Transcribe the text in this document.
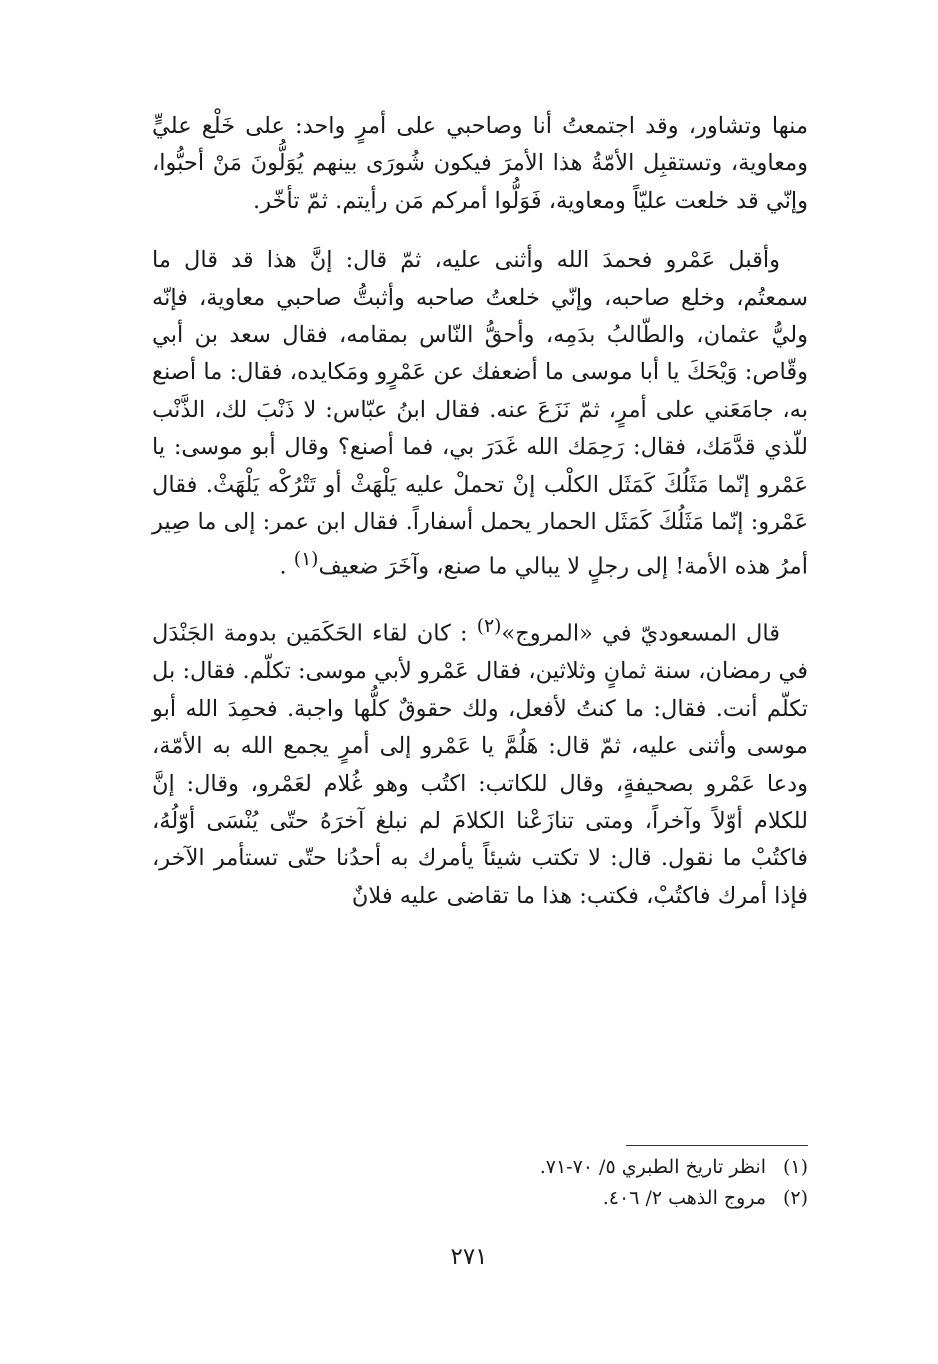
منها وتشاور، وقد اجتمعتُ أنا وصاحبي على أمرٍ واحد: على خَلْع عليٍّ ومعاوية، وتستقبِل الأمّةُ هذا الأمرَ فيكون شُورَى بينهم يُوَلُّونَ مَنْ أحبُّوا، وإنّي قد خلعت عليّاً ومعاوية، فَوَلُّوا أمركم مَن رأيتم. ثمّ تأخّر.

وأقبل عَمْرو فحمدَ الله وأثنى عليه، ثمّ قال: إنَّ هذا قد قال ما سمعتُم، وخلع صاحبه، وإنّي خلعتُ صاحبه وأثبتُّ صاحبي معاوية، فإنّه وليُّ عثمان، والطّالبُ بدَمِه، وأحقُّ النّاس بمقامه، فقال سعد بن أبي وقّاص: وَيْحَكَ يا أبا موسى ما أضعفك عن عَمْرٍو ومَكايده، فقال: ما أصنع به، جامَعَني على أمرٍ، ثمّ نَزَعَ عنه. فقال ابنُ عبّاس: لا ذَنْبَ لك، الذَّنْب للّذي قدَّمَك، فقال: رَحِمَك الله غَدَرَ بي، فما أصنع؟ وقال أبو موسى: يا عَمْرو إنّما مَثَلُكَ كَمَثَل الكلْب إنْ تحملْ عليه يَلْهَثْ أو تَتْرُكْه يَلْهَثْ. فقال عَمْرو: إنّما مَثَلُكَ كَمَثَل الحمار يحمل أسفاراً. فقال ابن عمر: إلى ما صِير أمرُ هذه الأمة! إلى رجلٍ لا يبالي ما صنع، وآخَرَ ضعيف$^{(١)}$ .

قال المسعوديّ في «المروج»$^{(٢)}$ : كان لقاء الحَكَمَين بدومة الجَنْدَل في رمضان، سنة ثمانٍ وثلاثين، فقال عَمْرو لأبي موسى: تكلّم. فقال: بل تكلّم أنت. فقال: ما كنتُ لأفعل، ولك حقوقٌ كلُّها واجبة. فحمِدَ الله أبو موسى وأثنى عليه، ثمّ قال: هَلُمَّ يا عَمْرو إلى أمرٍ يجمع الله به الأمّة، ودعا عَمْرو بصحيفةٍ، وقال للكاتب: اكتُب وهو غُلام لعَمْرو، وقال: إنَّ للكلام أوّلاً وآخراً، ومتى تنازَعْنا الكلامَ لم نبلغ آخرَهُ حتّى يُنْسَى أوّلُهُ، فاكتُبْ ما نقول. قال: لا تكتب شيئاً يأمرك به أحدُنا حتّى تستأمر الآخر، فإذا أمرك فاكتُبْ، فكتب: هذا ما تقاضى عليه فلانٌ

(١)انظر تاريخ الطبري ٥/ ٧٠-٧١.
(٢)مروج الذهب ٢/ ٤٠٦.
٢٧١
